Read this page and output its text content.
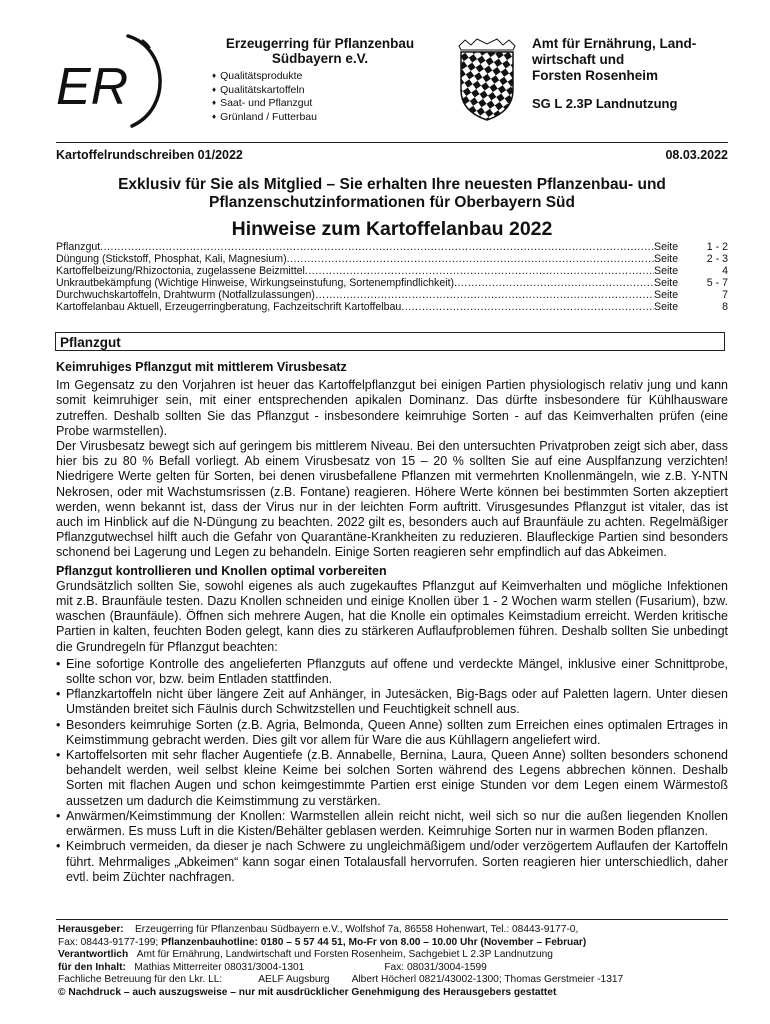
ER
Erzeugerring für Pflanzenbau
Südbayern e.V.
♦ Qualitätsprodukte
♦ Qualitätskartoffeln
♦ Saat- und Pflanzgut
♦ Grünland / Futterbau
Amt für Ernährung, Land-
wirtschaft und
Forsten Rosenheim
SG L 2.3P Landnutzung
Kartoffelrundschreiben 01/2022	08.03.2022
Exklusiv für Sie als Mitglied – Sie erhalten Ihre neuesten Pflanzenbau- und
Pflanzenschutzinformationen für Oberbayern Süd
Hinweise zum Kartoffelanbau 2022
Pflanzgut .....	Seite	1 - 2
Düngung (Stickstoff, Phosphat, Kali, Magnesium) .....	Seite	2 - 3
Kartoffelbeizung/Rhizoctonia, zugelassene Beizmittel .....	Seite	4
Unkrautbekämpfung (Wichtige Hinweise, Wirkungseinstufung, Sortenempfindlichkeit) .....	Seite	5 - 7
Durchwuchskartoffeln, Drahtwurm (Notfallzulassungen)…… .....	Seite	7
Kartoffelanbau Aktuell, Erzeugerringberatung, Fachzeitschrift Kartoffelbau .....	Seite	8
Pflanzgut
Keimruhiges Pflanzgut mit mittlerem Virusbesatz
Im Gegensatz zu den Vorjahren ist heuer das Kartoffelpflanzgut bei einigen Partien physiologisch relativ jung und kann somit keimruhiger sein, mit einer entsprechenden apikalen Dominanz. Das dürfte insbesondere für Kühlhausware zutreffen. Deshalb sollten Sie das Pflanzgut - insbesondere keimruhige Sorten - auf das Keimverhalten prüfen (eine Probe warmstellen).
Der Virusbesatz bewegt sich auf geringem bis mittlerem Niveau. Bei den untersuchten Privatproben zeigt sich aber, dass hier bis zu 80 % Befall vorliegt. Ab einem Virusbesatz von 15 – 20 % sollten Sie auf eine Ausplfanzung verzichten! Niedrigere Werte gelten für Sorten, bei denen virusbefallene Pflanzen mit vermehrten Knollenmängeln, wie z.B. Y-NTN Nekrosen, oder mit Wachstumsrissen (z.B. Fontane) reagieren. Höhere Werte können bei bestimmten Sorten akzeptiert werden, wenn bekannt ist, dass der Virus nur in der leichten Form auftritt. Virusgesundes Pflanzgut ist vitaler, das ist auch im Hinblick auf die N-Düngung zu beachten. 2022 gilt es, besonders auch auf Braunfäule zu achten. Regelmäßiger Pflanzgutwechsel hilft auch die Gefahr von Quarantäne-Krankheiten zu reduzieren. Blaufleckige Partien sind besonders schonend bei Lagerung und Legen zu behandeln. Einige Sorten reagieren sehr empfindlich auf das Abkeimen.
Pflanzgut kontrollieren und Knollen optimal vorbereiten
Grundsätzlich sollten Sie, sowohl eigenes als auch zugekauftes Pflanzgut auf Keimverhalten und mögliche Infektionen mit z.B. Braunfäule testen. Dazu Knollen schneiden und einige Knollen über 1 - 2 Wochen warm stellen (Fusarium), bzw. waschen (Braunfäule). Öffnen sich mehrere Augen, hat die Knolle ein optimales Keimstadium erreicht. Werden kritische Partien in kalten, feuchten Boden gelegt, kann dies zu stärkeren Auflaufproblemen führen. Deshalb sollten Sie unbedingt die Grundregeln für Pflanzgut beachten:
• Eine sofortige Kontrolle des angelieferten Pflanzguts auf offene und verdeckte Mängel, inklusive einer Schnittprobe, sollte schon vor, bzw. beim Entladen stattfinden.
• Pflanzkartoffeln nicht über längere Zeit auf Anhänger, in Jutesäcken, Big-Bags oder auf Paletten lagern. Unter diesen Umständen breitet sich Fäulnis durch Schwitzstellen und Feuchtigkeit schnell aus.
• Besonders keimruhige Sorten (z.B. Agria, Belmonda, Queen Anne) sollten zum Erreichen eines optimalen Ertrages in Keimstimmung gebracht werden. Dies gilt vor allem für Ware die aus Kühllagern angeliefert wird.
• Kartoffelsorten mit sehr flacher Augentiefe (z.B. Annabelle, Bernina, Laura, Queen Anne) sollten besonders schonend behandelt werden, weil selbst kleine Keime bei solchen Sorten während des Legens abbrechen können. Deshalb Sorten mit flachen Augen und schon keimgestimmte Partien erst einige Stunden vor dem Legen einem Wärmestoß aussetzen um dadurch die Keimstimmung zu verstärken.
• Anwärmen/Keimstimmung der Knollen: Warmstellen allein reicht nicht, weil sich so nur die außen liegenden Knollen erwärmen. Es muss Luft in die Kisten/Behälter geblasen werden. Keimruhige Sorten nur in warmen Boden pflanzen.
• Keimbruch vermeiden, da dieser je nach Schwere zu ungleichmäßigem und/oder verzögertem Auflaufen der Kartoffeln führt. Mehrmaliges „Abkeimen“ kann sogar einen Totalausfall hervorrufen. Sorten reagieren hier unterschiedlich, daher evtl. beim Züchter nachfragen.
Herausgeber: Erzeugerring für Pflanzenbau Südbayern e.V., Wolfshof 7a, 86558 Hohenwart, Tel.: 08443-9177-0,
Fax: 08443-9177-199; Pflanzenbauhotline: 0180 – 5 57 44 51, Mo-Fr von 8.00 – 10.00 Uhr (November – Februar)
Verantwortlich Amt für Ernährung, Landwirtschaft und Forsten Rosenheim, Sachgebiet L 2.3P Landnutzung
für den Inhalt: Mathias Mitterreiter 08031/3004-1301	Fax: 08031/3004-1599
Fachliche Betreuung für den Lkr. LL:	AELF Augsburg Albert Höcherl 0821/43002-1300; Thomas Gerstmeier -1317
© Nachdruck – auch auszugsweise – nur mit ausdrücklicher Genehmigung des Herausgebers gestattet
